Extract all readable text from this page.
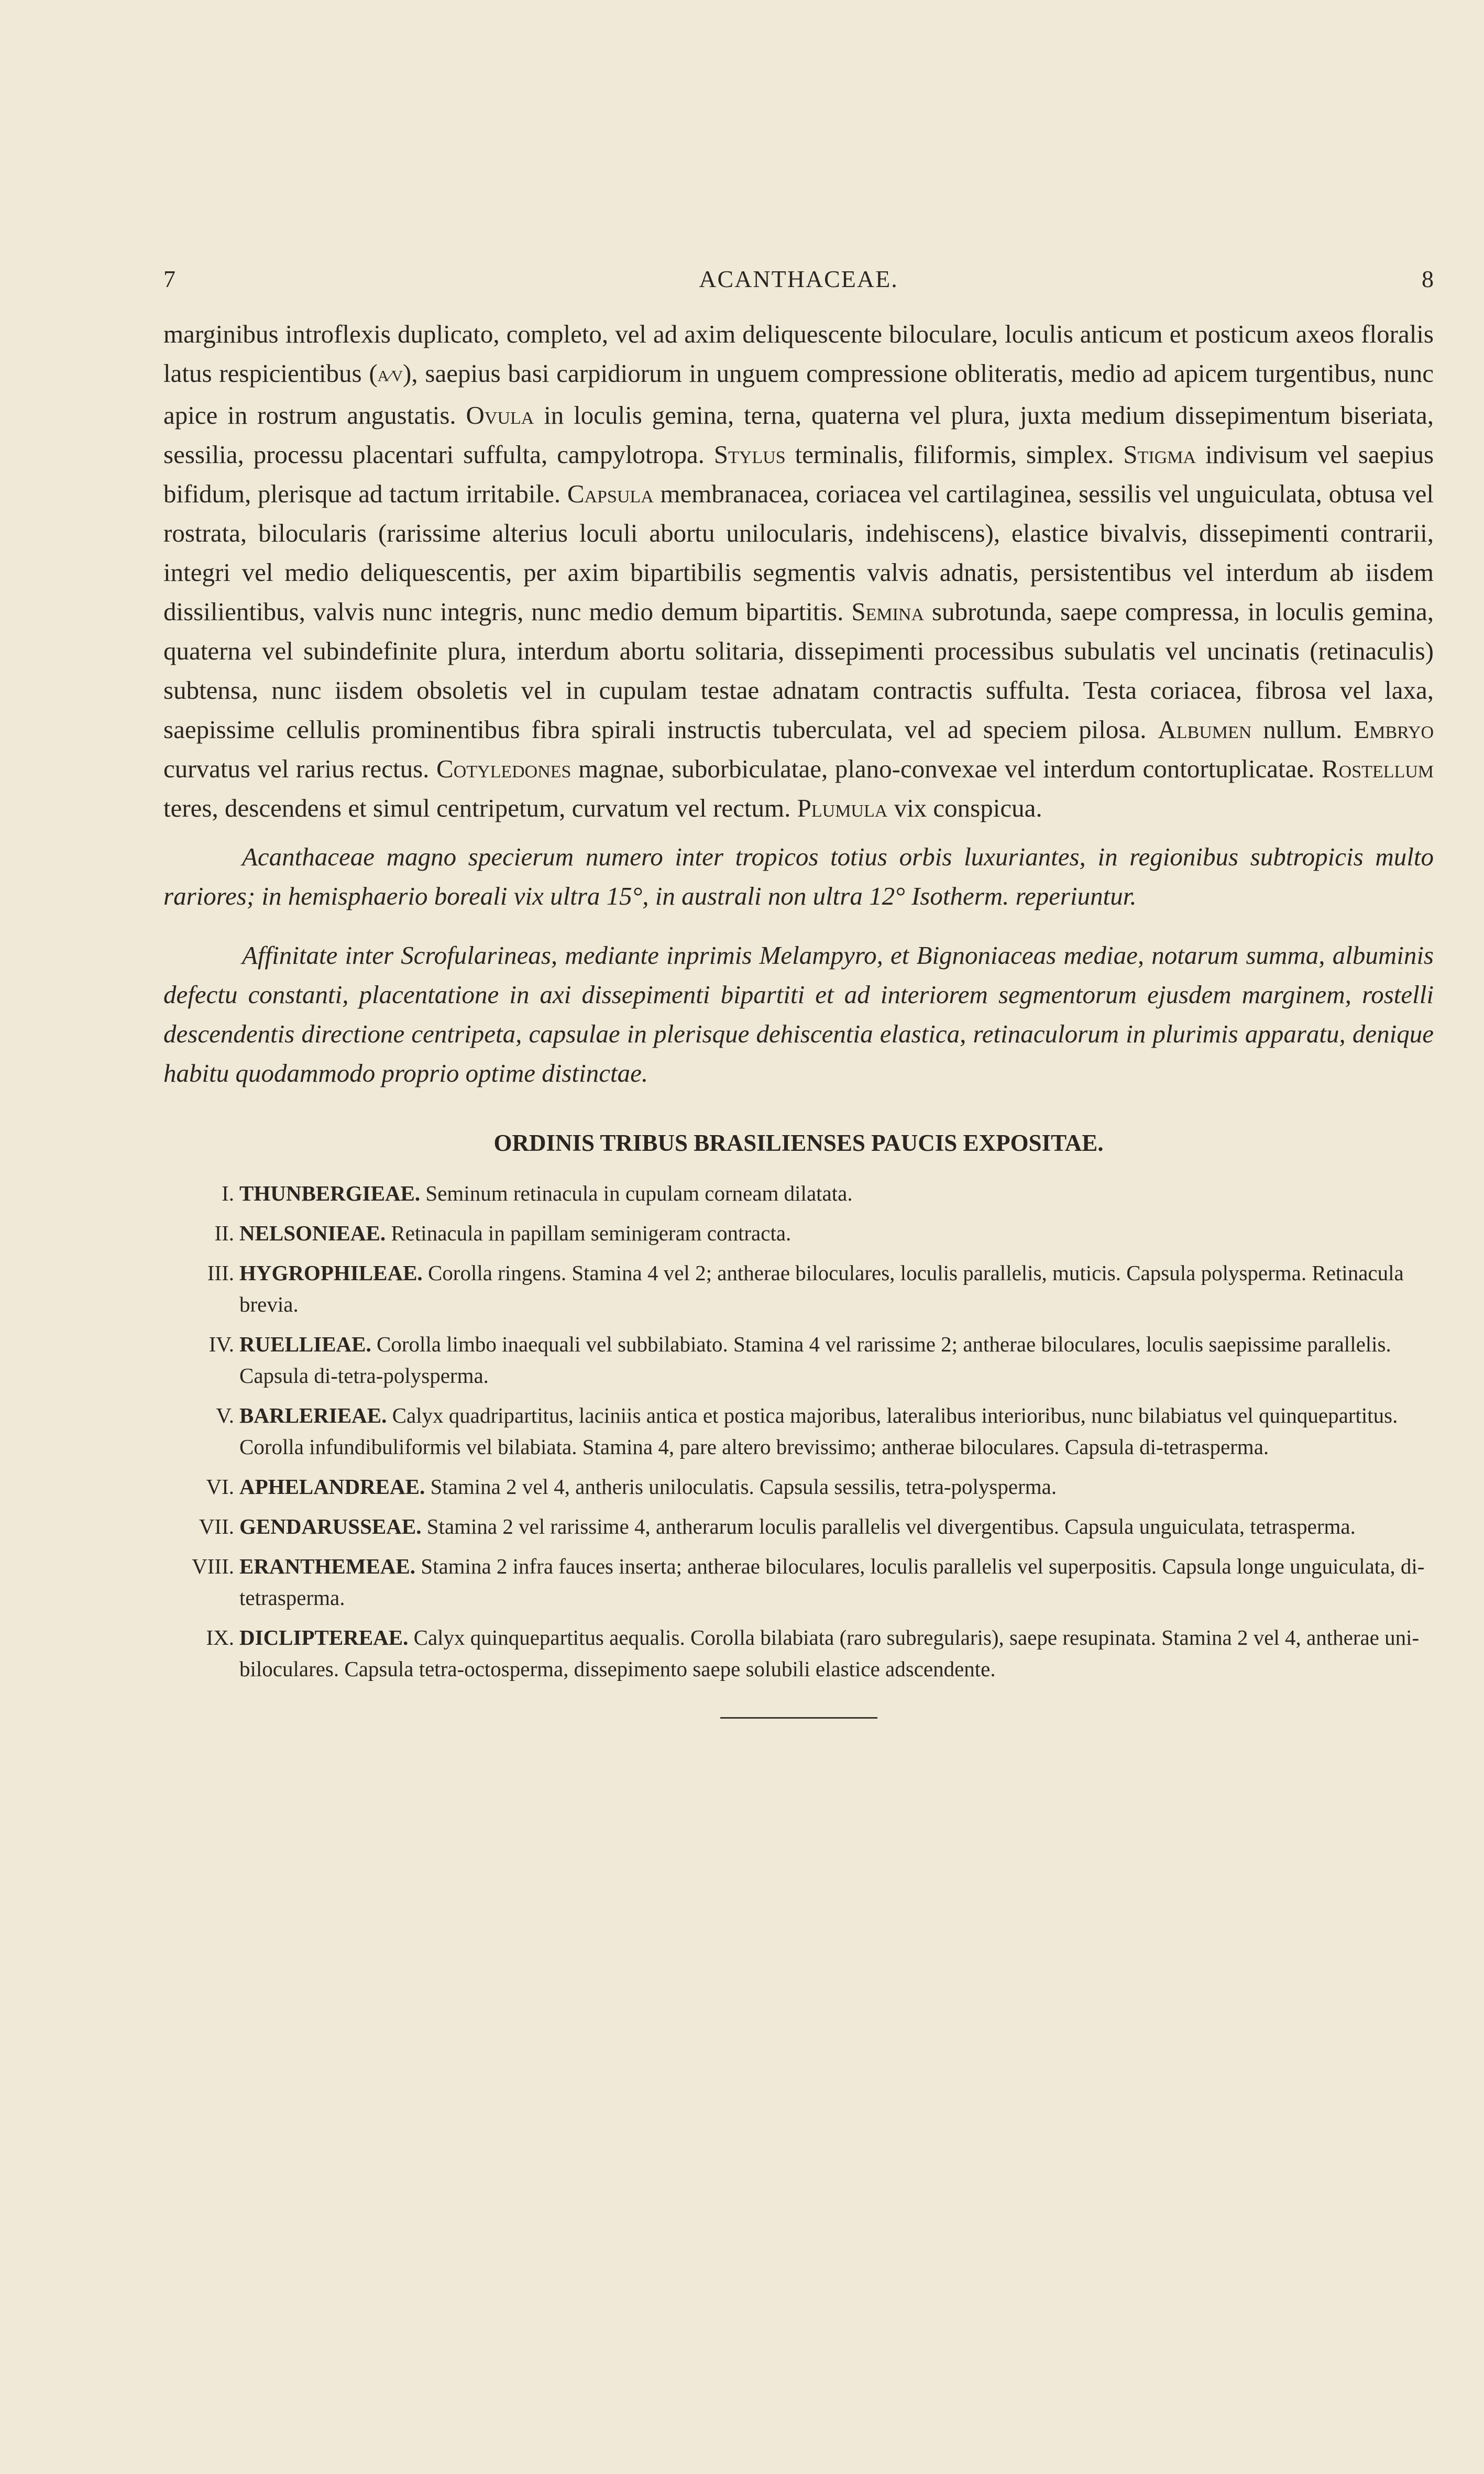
7	ACANTHACEAE.	8

marginibus introflexis duplicato, completo, vel ad axim deliquescente biloculare, loculis anticum et posticum axeos floralis latus respicientibus (A⁄V), saepius basi carpidiorum in unguem compressione obliteratis, medio ad apicem turgentibus, nunc apice in rostrum angustatis. Ovula in loculis gemina, terna, quaterna vel plura, juxta medium dissepimentum biseriata, sessilia, processu placentari suffulta, campylotropa. Stylus terminalis, filiformis, simplex. Stigma indivisum vel saepius bifidum, plerisque ad tactum irritabile. Capsula membranacea, coriacea vel cartilaginea, sessilis vel unguiculata, obtusa vel rostrata, bilocularis (rarissime alterius loculi abortu unilocularis, indehiscens), elastice bivalvis, dissepimenti contrarii, integri vel medio deliquescentis, per axim bipartibilis segmentis valvis adnatis, persistentibus vel interdum ab iisdem dissilientibus, valvis nunc integris, nunc medio demum bipartitis. Semina subrotunda, saepe compressa, in loculis gemina, quaterna vel subindefinite plura, interdum abortu solitaria, dissepimenti processibus subulatis vel uncinatis (retinaculis) subtensa, nunc iisdem obsoletis vel in cupulam testae adnatam contractis suffulta. Testa coriacea, fibrosa vel laxa, saepissime cellulis prominentibus fibra spirali instructis tuberculata, vel ad speciem pilosa. Albumen nullum. Embryo curvatus vel rarius rectus. Cotyledones magnae, suborbiculatae, plano-convexae vel interdum contortuplicatae. Rostellum teres, descendens et simul centripetum, curvatum vel rectum. Plumula vix conspicua.

Acanthaceae magno specierum numero inter tropicos totius orbis luxuriantes, in regionibus subtropicis multo rariores; in hemisphaerio boreali vix ultra 15°, in australi non ultra 12° Isotherm. reperiuntur.

Affinitate inter Scrofularineas, mediante inprimis Melampyro, et Bignoniaceas mediae, notarum summa, albuminis defectu constanti, placentatione in axi dissepimenti bipartiti et ad interiorem segmentorum ejusdem marginem, rostelli descendentis directione centripeta, capsulae in plerisque dehiscentia elastica, retinaculorum in plurimis apparatu, denique habitu quodammodo proprio optime distinctae.

ORDINIS TRIBUS BRASILIENSES PAUCIS EXPOSITAE.
I. THUNBERGIEAE. Seminum retinacula in cupulam corneam dilatata.
II. NELSONIEAE. Retinacula in papillam seminigeram contracta.
III. HYGROPHILEAE. Corolla ringens. Stamina 4 vel 2; antherae biloculares, loculis parallelis, muticis. Capsula polysperma. Retinacula brevia.
IV. RUELLIEAE. Corolla limbo inaequali vel subbilabiato. Stamina 4 vel rarissime 2; antherae biloculares, loculis saepissime parallelis. Capsula di-tetra-polysperma.
V. BARLERIEAE. Calyx quadripartitus, laciniis antica et postica majoribus, lateralibus interioribus, nunc bilabiatus vel quinquepartitus. Corolla infundibuliformis vel bilabiata. Stamina 4, pare altero brevissimo; antherae biloculares. Capsula di-tetrasperma.
VI. APHELANDREAE. Stamina 2 vel 4, antheris uniloculatis. Capsula sessilis, tetra-polysperma.
VII. GENDARUSSEAE. Stamina 2 vel rarissime 4, antherarum loculis parallelis vel divergentibus. Capsula unguiculata, tetrasperma.
VIII. ERANTHEMEAE. Stamina 2 infra fauces inserta; antherae biloculares, loculis parallelis vel superpositis. Capsula longe unguiculata, di-tetrasperma.
IX. DICLIPTEREAE. Calyx quinquepartitus aequalis. Corolla bilabiata (raro subregularis), saepe resupinata. Stamina 2 vel 4, antherae uni-biloculares. Capsula tetra-octosperma, dissepimento saepe solubili elastice adscendente.
